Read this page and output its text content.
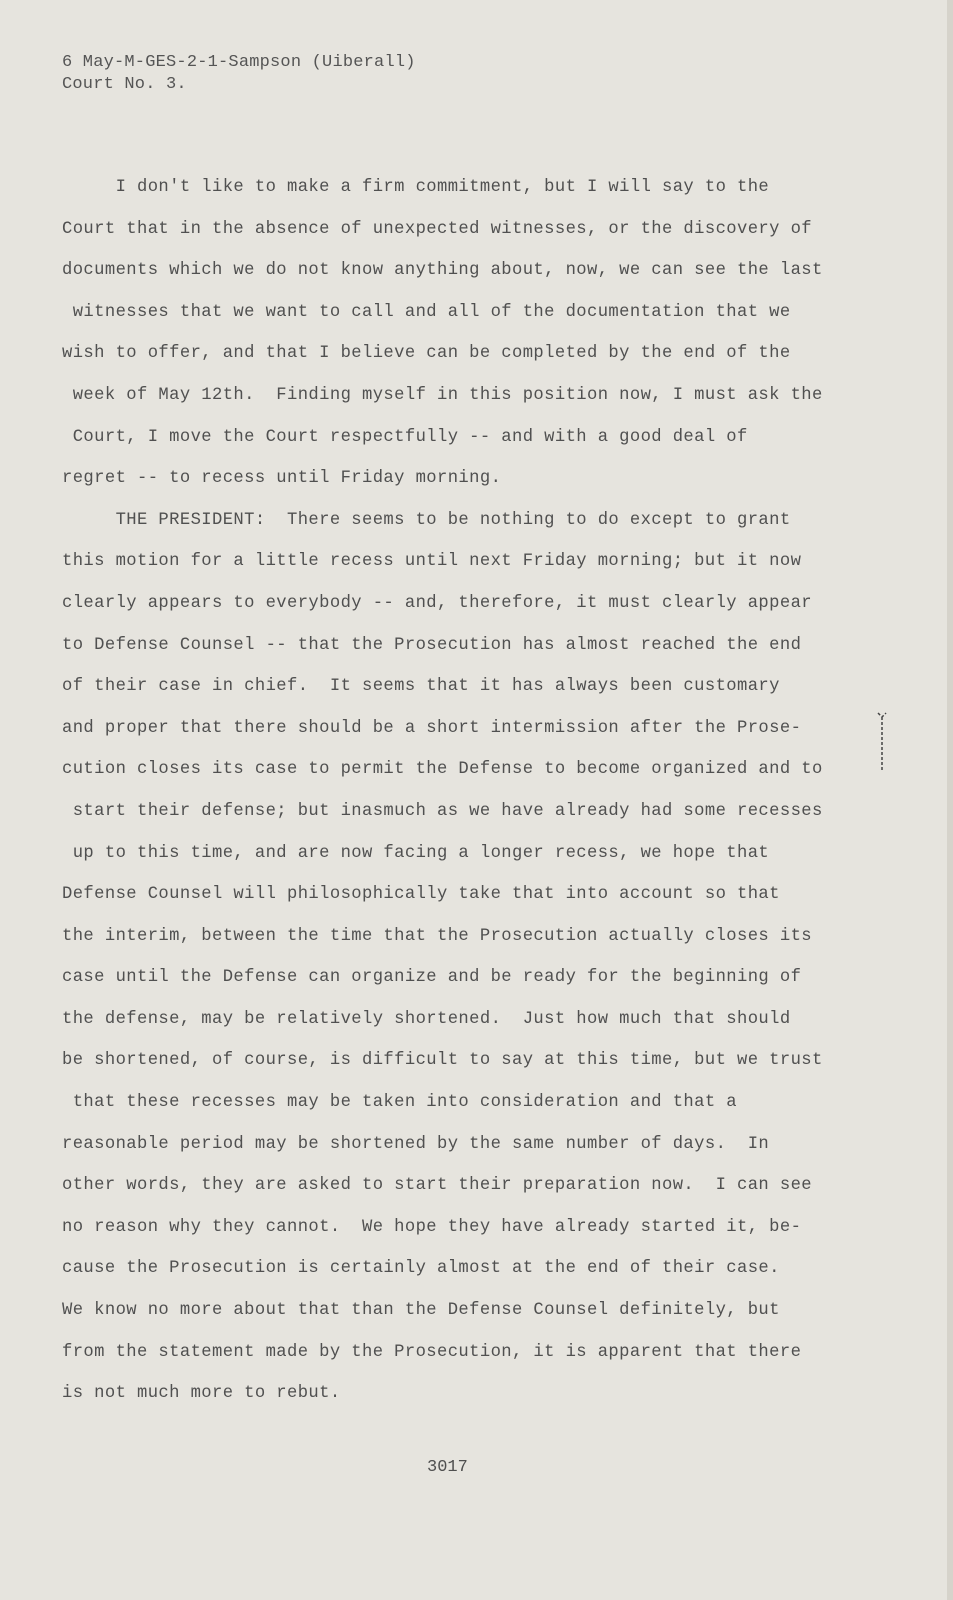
6 May-M-GES-2-1-Sampson (Uiberall)
Court No. 3.
I don't like to make a firm commitment, but I will say to the
Court that in the absence of unexpected witnesses, or the discovery of
documents which we do not know anything about, now, we can see the last
witnesses that we want to call and all of the documentation that we
wish to offer, and that I believe can be completed by the end of the
week of May 12th.  Finding myself in this position now, I must ask the
Court, I move the Court respectfully -- and with a good deal of
regret -- to recess until Friday morning.
THE PRESIDENT:  There seems to be nothing to do except to grant
this motion for a little recess until next Friday morning; but it now
clearly appears to everybody -- and, therefore, it must clearly appear
to Defense Counsel -- that the Prosecution has almost reached the end
of their case in chief.  It seems that it has always been customary
and proper that there should be a short intermission after the Prose-
cution closes its case to permit the Defense to become organized and to
start their defense; but inasmuch as we have already had some recesses
up to this time, and are now facing a longer recess, we hope that
Defense Counsel will philosophically take that into account so that
the interim, between the time that the Prosecution actually closes its
case until the Defense can organize and be ready for the beginning of
the defense, may be relatively shortened.  Just how much that should
be shortened, of course, is difficult to say at this time, but we trust
that these recesses may be taken into consideration and that a
reasonable period may be shortened by the same number of days.  In
other words, they are asked to start their preparation now.  I can see
no reason why they cannot.  We hope they have already started it, be-
cause the Prosecution is certainly almost at the end of their case.
We know no more about that than the Defense Counsel definitely, but
from the statement made by the Prosecution, it is apparent that there
is not much more to rebut.
3017
